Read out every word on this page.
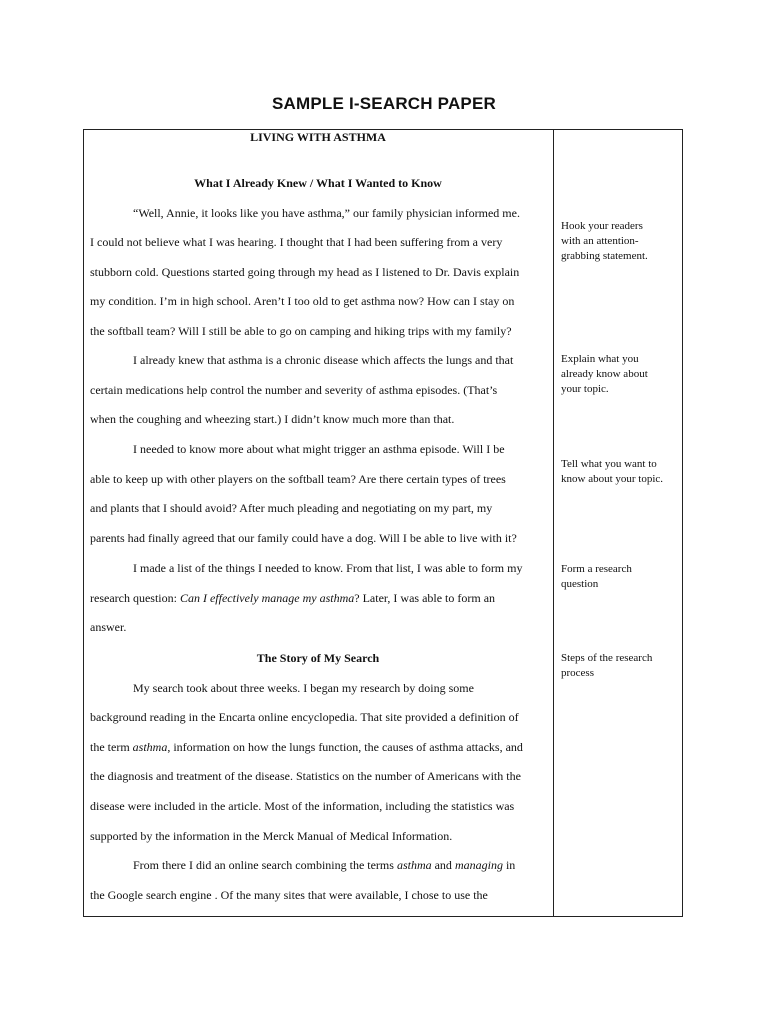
SAMPLE I-SEARCH PAPER
LIVING WITH ASTHMA
What I Already Knew / What I Wanted to Know
“Well, Annie, it looks like you have asthma,” our family physician informed me.
I could not believe what I was hearing. I thought that I had been suffering from a very
stubborn cold. Questions started going through my head as I listened to Dr. Davis explain
my condition. I’m in high school. Aren’t I too old to get asthma now? How can I stay on
the softball team? Will I still be able to go on camping and hiking trips with my family?
I already knew that asthma is a chronic disease which affects the lungs and that
certain medications help control the number and severity of asthma episodes. (That’s
when the coughing and wheezing start.) I didn’t know much more than that.
I needed to know more about what might trigger an asthma episode. Will I be
able to keep up with other players on the softball team? Are there certain types of trees
and plants that I should avoid? After much pleading and negotiating on my part, my
parents had finally agreed that our family could have a dog. Will I be able to live with it?
I made a list of the things I needed to know. From that list, I was able to form my
research question: Can I effectively manage my asthma? Later, I was able to form an
answer.
The Story of My Search
My search took about three weeks. I began my research by doing some
background reading in the Encarta online encyclopedia. That site provided a definition of
the term asthma, information on how the lungs function, the causes of asthma attacks, and
the diagnosis and treatment of the disease. Statistics on the number of Americans with the
disease were included in the article. Most of the information, including the statistics was
supported by the information in the Merck Manual of Medical Information.
From there I did an online search combining the terms asthma and managing in
the Google search engine . Of the many sites that were available, I chose to use the
Hook your readers
with an attention-
grabbing statement.
Explain what you
already know about
your topic.
Tell what you want to
know about your topic.
Form a research
question
Steps of the research
process
